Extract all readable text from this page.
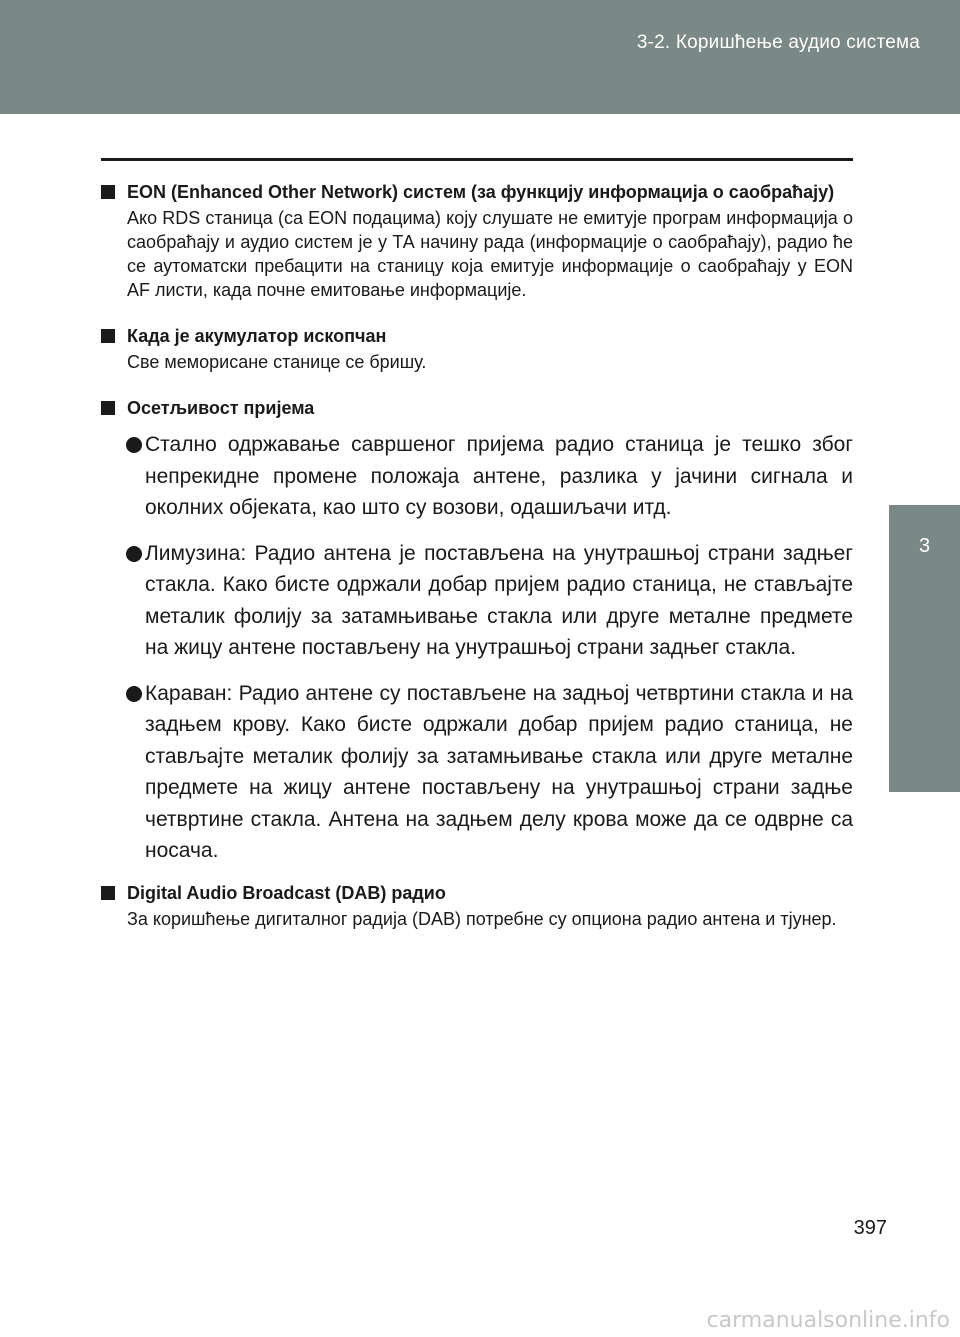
3-2. Коришћење аудио система
3
Унутрашњи уређаји
EON (Enhanced Other Network) систем (за функцију информација о саобраћају)
Ако RDS станица (са EON подацима) коју слушате не емитује програм информација о саобраћају и аудио систем је у ТА начину рада (информације о саобраћају), радио ће се аутоматски пребацити на станицу која емитује информације о саобраћају у EON AF листи, када почне емитовање информације.
Када је акумулатор ископчан
Све меморисане станице се бришу.
Осетљивост пријема
Стално одржавање савршеног пријема радио станица је тешко због непрекидне промене положаја антене, разлика у јачини сигнала и околних објеката, као што су возови, одашиљачи итд.
Лимузина: Радио антена је постављена на унутрашњој страни задњег стакла. Како бисте одржали добар пријем радио станица, не стављајте металик фолију за затамњивање стакла или друге металне предмете на жицу антене постављену на унутрашњој страни задњег стакла.
Караван: Радио антене су постављене на задњој четвртини стакла и на задњем крову. Како бисте одржали добар пријем радио станица, не стављајте металик фолију за затамњивање стакла или друге металне предмете на жицу антене постављену на унутрашњој страни задње четвртине стакла. Антена на задњем делу крова може да се одврне са носача.
Digital Audio Broadcast (DAB) радио
За коришћење дигиталног радија (DAB) потребне су опциона радио антена и тјунер.
397
carmanualsonline.info
